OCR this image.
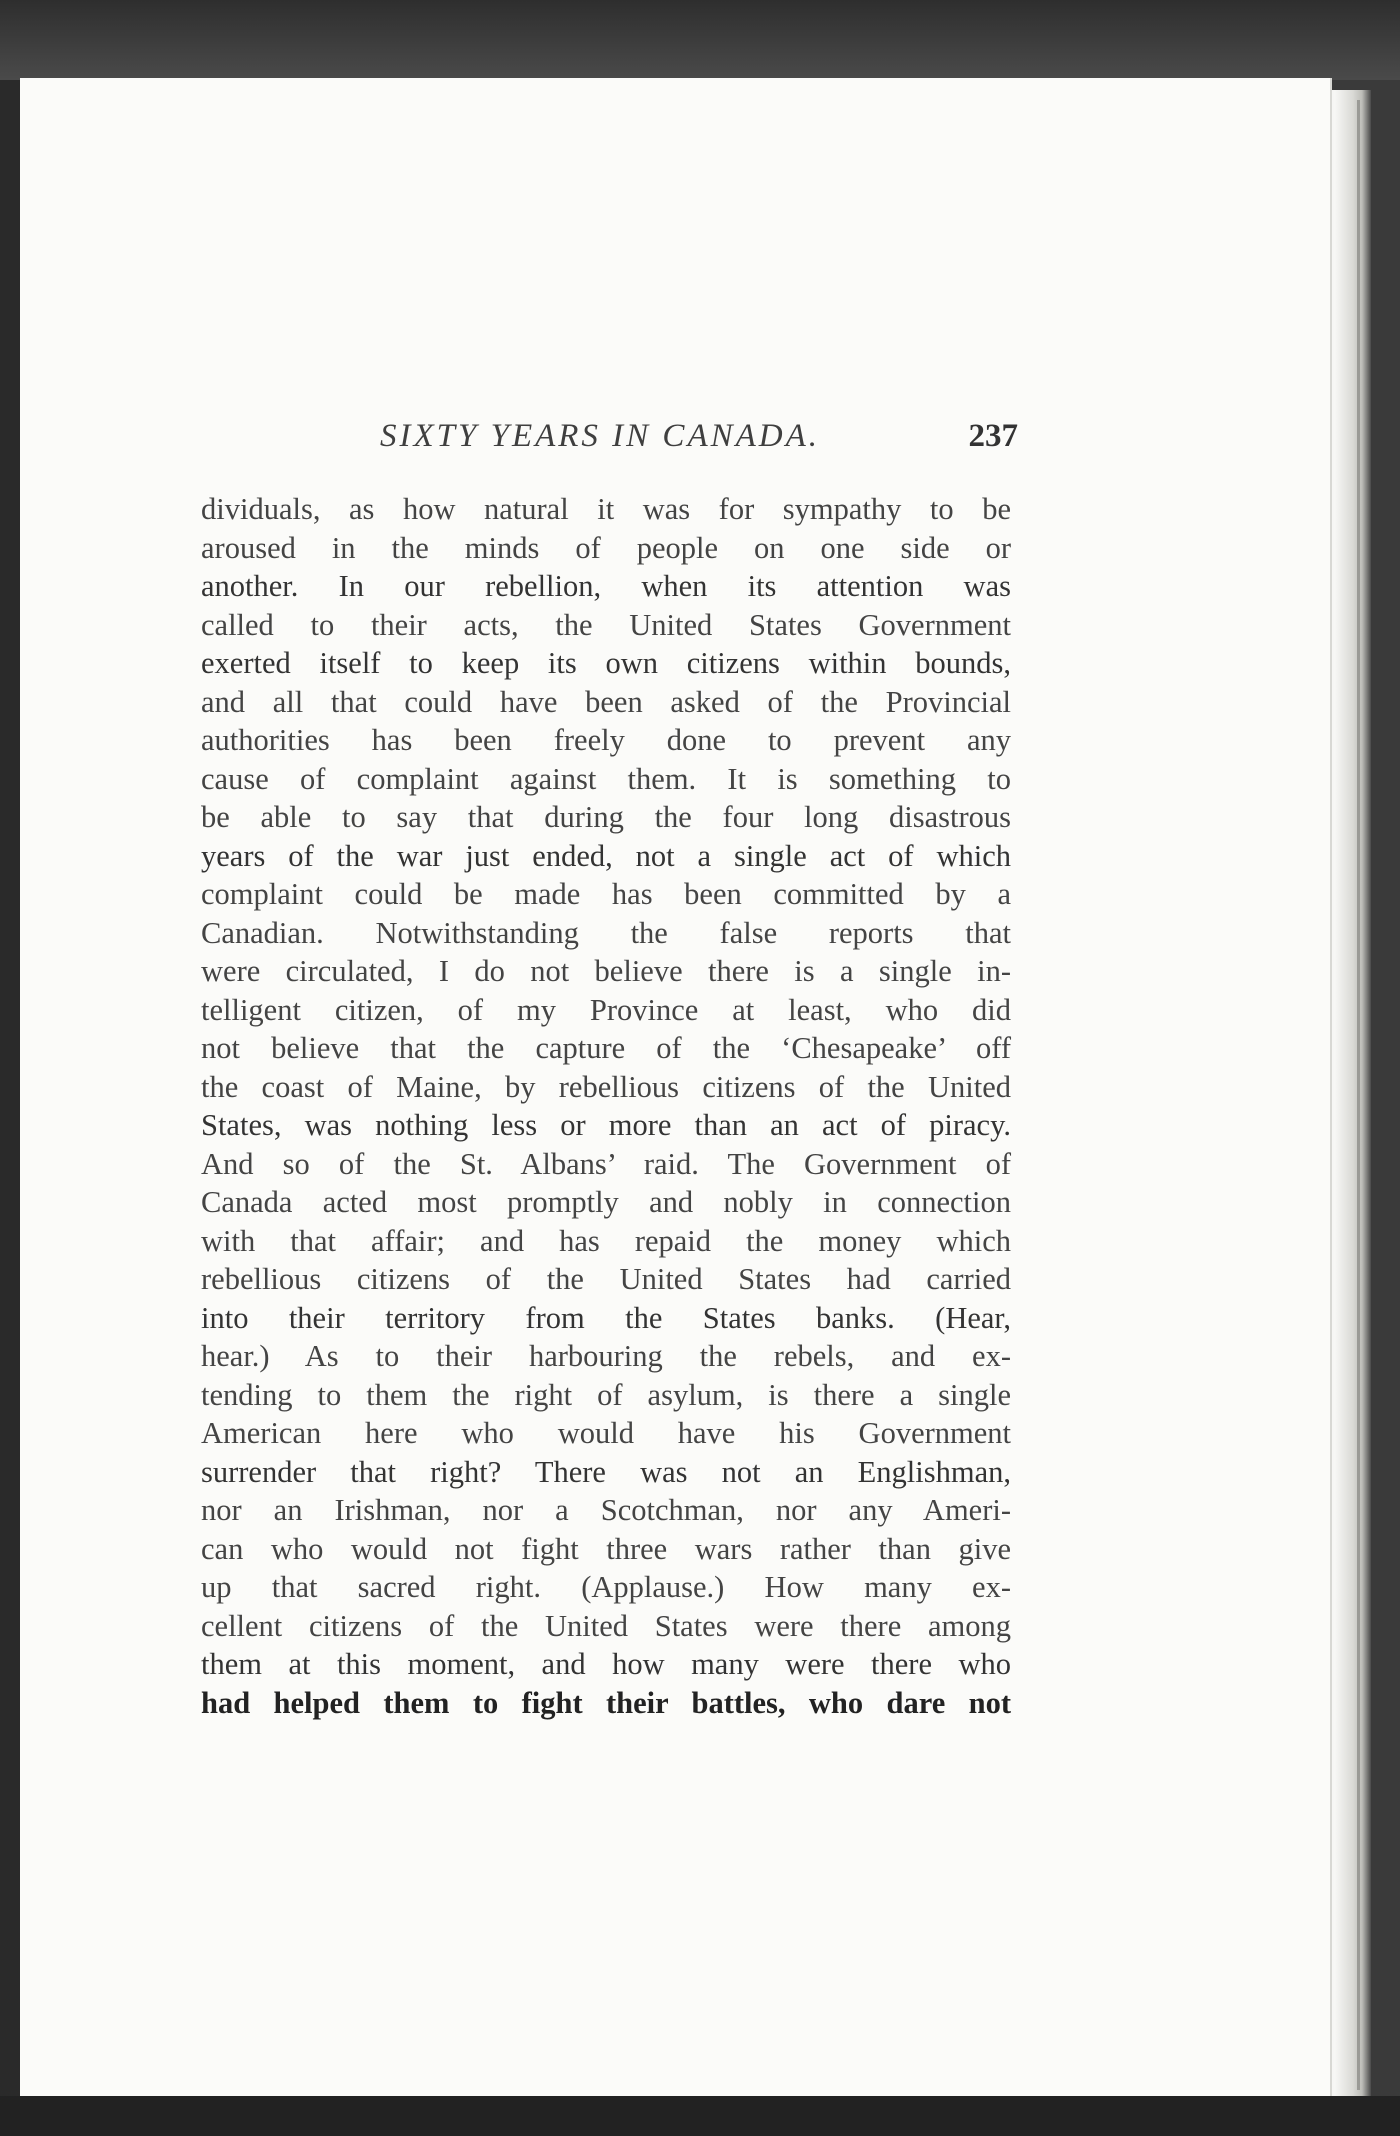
SIXTY YEARS IN CANADA.	237
dividuals, as how natural it was for sympathy to be
aroused in the minds of people on one side or
another. In our rebellion, when its attention was
called to their acts, the United States Government
exerted itself to keep its own citizens within bounds,
and all that could have been asked of the Provincial
authorities has been freely done to prevent any
cause of complaint against them. It is something to
be able to say that during the four long disastrous
years of the war just ended, not a single act of which
complaint could be made has been committed by a
Canadian. Notwithstanding the false reports that
were circulated, I do not believe there is a single in-
telligent citizen, of my Province at least, who did
not believe that the capture of the ‘Chesapeake’ off
the coast of Maine, by rebellious citizens of the United
States, was nothing less or more than an act of piracy.
And so of the St. Albans’ raid. The Government of
Canada acted most promptly and nobly in connection
with that affair; and has repaid the money which
rebellious citizens of the United States had carried
into their territory from the States banks. (Hear,
hear.) As to their harbouring the rebels, and ex-
tending to them the right of asylum, is there a single
American here who would have his Government
surrender that right? There was not an Englishman,
nor an Irishman, nor a Scotchman, nor any Ameri-
can who would not fight three wars rather than give
up that sacred right. (Applause.) How many ex-
cellent citizens of the United States were there among
them at this moment, and how many were there who
had helped them to fight their battles, who dare not
